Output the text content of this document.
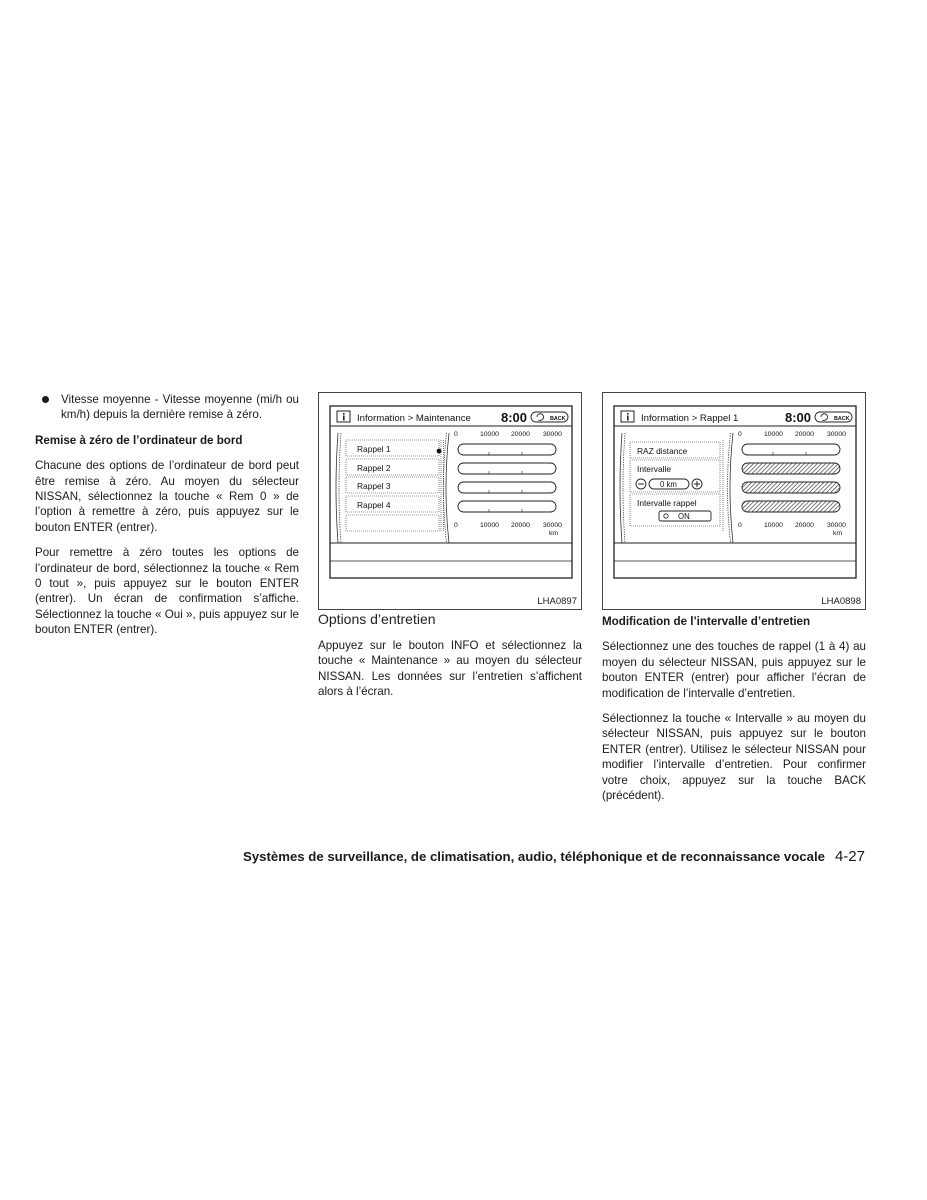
Vitesse moyenne - Vitesse moyenne (mi/h ou km/h) depuis la dernière remise à zéro.

Remise à zéro de l’ordinateur de bord

Chacune des options de l’ordinateur de bord peut être remise à zéro. Au moyen du sélecteur NISSAN, sélectionnez la touche « Rem 0 » de l’option à remettre à zéro, puis appuyez sur le bouton ENTER (entrer).

Pour remettre à zéro toutes les options de l’ordinateur de bord, sélectionnez la touche « Rem 0 tout », puis appuyez sur le bouton ENTER (entrer). Un écran de confirmation s’affiche. Sélectionnez la touche « Oui », puis appuyez sur le bouton ENTER (entrer).

Information > Maintenance 8:00	BACK
0	10000 20000 30000
Rappel 1
Rappel 2
Rappel 3
Rappel 4
0	10000 20000 30000
km
LHA0897

Options d’entretien

Appuyez sur le bouton INFO et sélectionnez la touche « Maintenance » au moyen du sélecteur NISSAN. Les données sur l’entretien s’affichent alors à l’écran.

Information > Rappel 1	8:00	BACK
0	10000 20000 30000
RAZ distance
Intervalle
0 km
Intervalle rappel
ON
0	10000 20000 30000
km
LHA0898

Modification de l’intervalle d’entretien

Sélectionnez une des touches de rappel (1 à 4) au moyen du sélecteur NISSAN, puis appuyez sur le bouton ENTER (entrer) pour afficher l’écran de modification de l’intervalle d’entretien.

Sélectionnez la touche « Intervalle » au moyen du sélecteur NISSAN, puis appuyez sur le bouton ENTER (entrer). Utilisez le sélecteur NISSAN pour modifier l’intervalle d’entretien. Pour confirmer votre choix, appuyez sur la touche BACK (précédent).

Systèmes de surveillance, de climatisation, audio, téléphonique et de reconnaissance vocale 4-27
